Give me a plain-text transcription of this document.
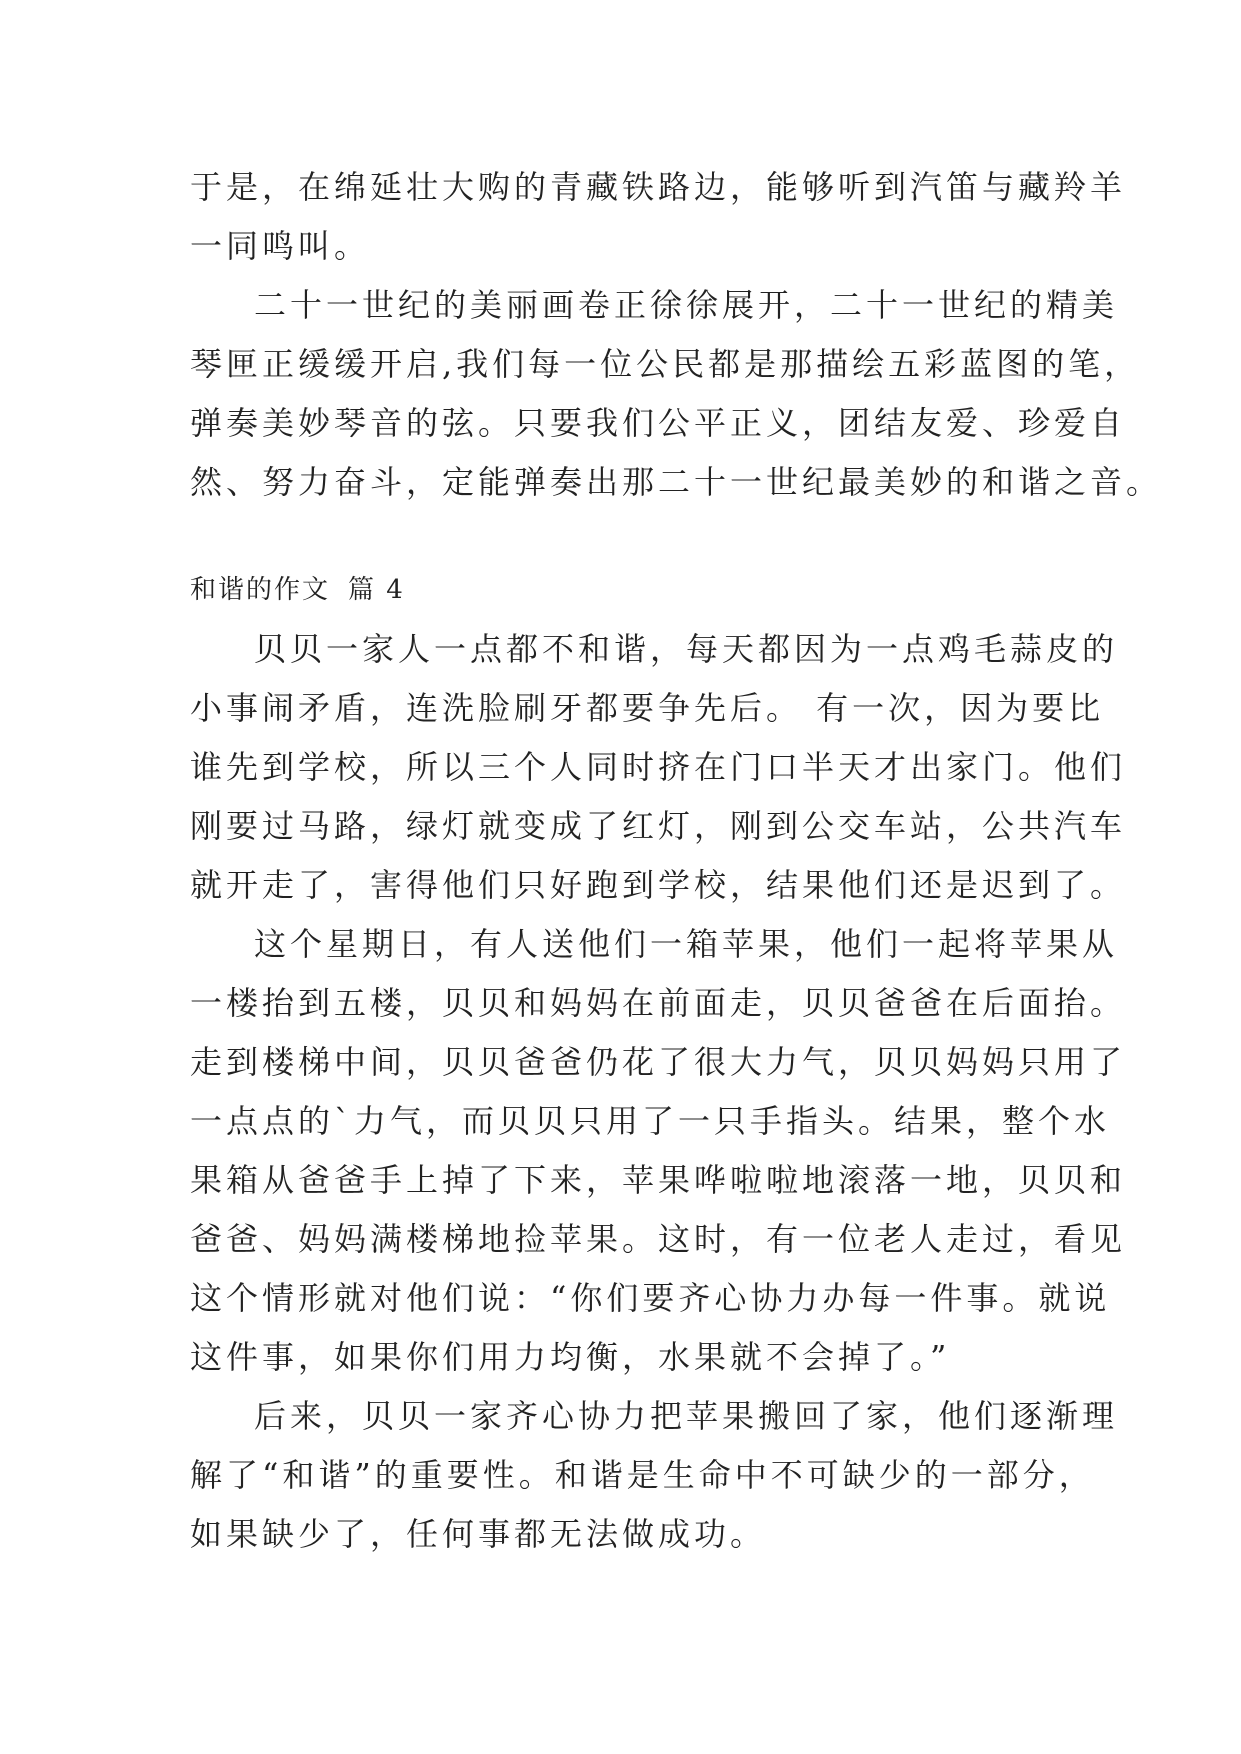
于是，在绵延壮大购的青藏铁路边，能够听到汽笛与藏羚羊
一同鸣叫。
二十一世纪的美丽画卷正徐徐展开，二十一世纪的精美
琴匣正缓缓开启,我们每一位公民都是那描绘五彩蓝图的笔，
弹奏美妙琴音的弦。只要我们公平正义，团结友爱、珍爱自
然、努力奋斗，定能弹奏出那二十一世纪最美妙的和谐之音。
和谐的作文 篇 4
贝贝一家人一点都不和谐，每天都因为一点鸡毛蒜皮的
小事闹矛盾，连洗脸刷牙都要争先后。 有一次，因为要比
谁先到学校，所以三个人同时挤在门口半天才出家门。他们
刚要过马路，绿灯就变成了红灯，刚到公交车站，公共汽车
就开走了，害得他们只好跑到学校，结果他们还是迟到了。
这个星期日，有人送他们一箱苹果，他们一起将苹果从
一楼抬到五楼，贝贝和妈妈在前面走，贝贝爸爸在后面抬。
走到楼梯中间，贝贝爸爸仍花了很大力气，贝贝妈妈只用了
一点点的`力气，而贝贝只用了一只手指头。结果，整个水
果箱从爸爸手上掉了下来，苹果哗啦啦地滚落一地，贝贝和
爸爸、妈妈满楼梯地捡苹果。这时，有一位老人走过，看见
这个情形就对他们说：“你们要齐心协力办每一件事。就说
这件事，如果你们用力均衡，水果就不会掉了。”
后来，贝贝一家齐心协力把苹果搬回了家，他们逐渐理
解了“和谐”的重要性。和谐是生命中不可缺少的一部分，
如果缺少了，任何事都无法做成功。
